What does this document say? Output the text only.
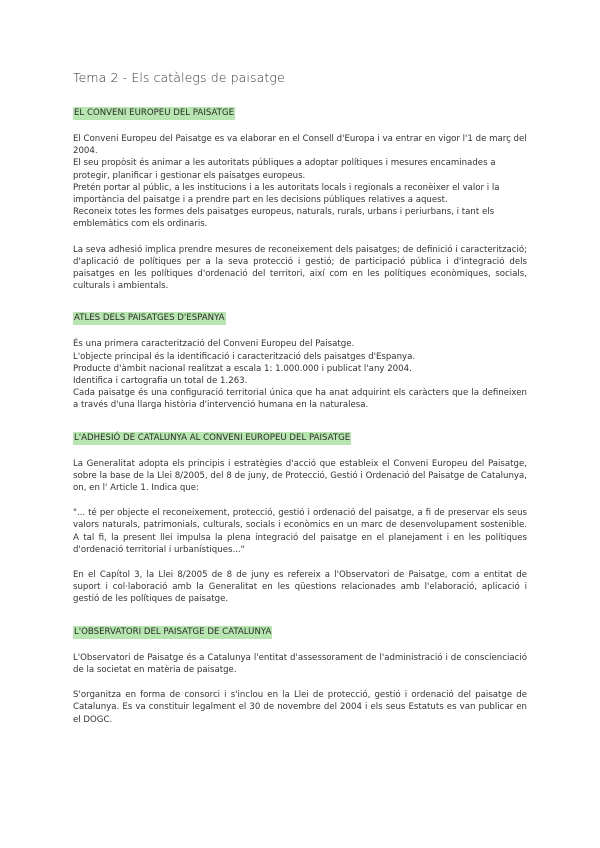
Tema 2 - Els catàlegs de paisatge
EL CONVENI EUROPEU DEL PAISATGE

El Conveni Europeu del Paisatge es va elaborar en el Consell d'Europa i va entrar en vigor l'1 de març del 2004.

El seu propòsit és animar a les autoritats públiques a adoptar polítiques i mesures encaminades a protegir, planificar i gestionar els paisatges europeus.

Pretén portar al públic, a les institucions i a les autoritats locals i regionals a reconèixer el valor i la importància del paisatge i a prendre part en les decisions públiques relatives a aquest.

Reconeix totes les formes dels paisatges europeus, naturals, rurals, urbans i periurbans, i tant els emblemàtics com els ordinaris.

La seva adhesió implica prendre mesures de reconeixement dels paisatges; de definició i caracterització; d'aplicació de polítiques per a la seva protecció i gestió; de participació pública i d'integració dels paisatges en les polítiques d'ordenació del territori, així com en les polítiques econòmiques, socials, culturals i ambientals.

ATLES DELS PAISATGES D'ESPANYA

És una primera caracterització del Conveni Europeu del Paisatge.

L'objecte principal és la identificació i caracterització dels paisatges d'Espanya.

Producte d'àmbit nacional realitzat a escala 1: 1.000.000 i publicat l'any 2004.

Identifica i cartografia un total de 1.263.

Cada paisatge és una configuració territorial única que ha anat adquirint els caràcters que la defineixen a través d'una llarga història d'intervenció humana en la naturalesa.

L'ADHESIÓ DE CATALUNYA AL CONVENI EUROPEU DEL PAISATGE

La Generalitat adopta els principis i estratègies d'acció que estableix el Conveni Europeu del Paisatge, sobre la base de la Llei 8/2005, del 8 de juny, de Protecció, Gestió i Ordenació del Paisatge de Catalunya, on, en l' Article 1. Indica que:

"... té per objecte el reconeixement, protecció, gestió i ordenació del paisatge, a fi de preservar els seus valors naturals, patrimonials, culturals, socials i econòmics en un marc de desenvolupament sostenible. A tal fi, la present llei impulsa la plena integració del paisatge en el planejament i en les polítiques d'ordenació territorial i urbanístiques..."

En el Capítol 3, la Llei 8/2005 de 8 de juny es refereix a l'Observatori de Paisatge, com a entitat de suport i col·laboració amb la Generalitat en les qüestions relacionades amb l'elaboració, aplicació i gestió de les polítiques de paisatge.

L'OBSERVATORI DEL PAISATGE DE CATALUNYA

L'Observatori de Paisatge és a Catalunya l'entitat d'assessorament de l'administració i de conscienciació de la societat en matèria de paisatge.

S'organitza en forma de consorci i s'inclou en la Llei de protecció, gestió i ordenació del paisatge de Catalunya. Es va constituir legalment el 30 de novembre del 2004 i els seus Estatuts es van publicar en el DOGC.
